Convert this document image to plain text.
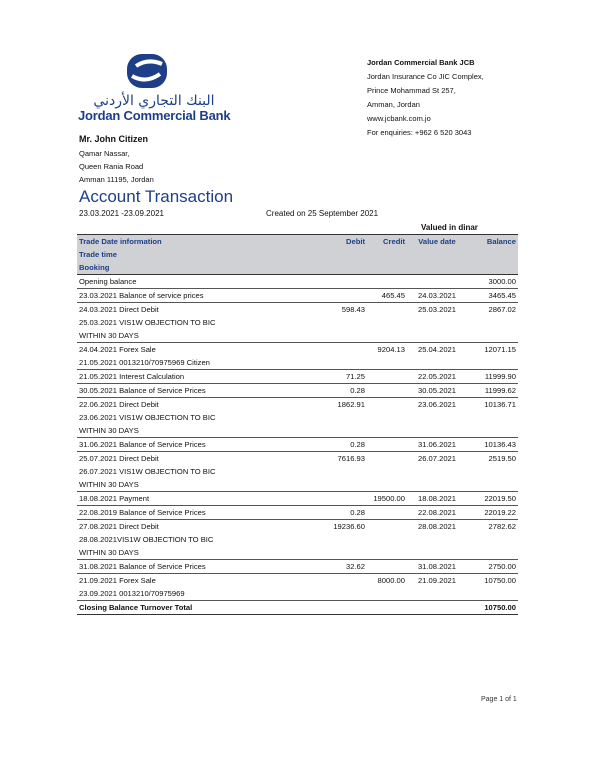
البنك التجاري الأردني
Jordan Commercial Bank
Jordan Commercial Bank JCB
Jordan Insurance Co JIC Complex,
Prince Mohammad St 257,
Amman, Jordan
www.jcbank.com.jo
For enquiries: +962 6 520 3043
Mr. John Citizen
Qamar Nassar,
Queen Rania Road
Amman 11195, Jordan
Account Transaction
23.03.2021 -23.09.2021	Created on 25 September 2021
Valued in dinar
Trade Date information	Debit	Credit	Value date	Balance
Trade time				
Booking				
Opening balance				3000.00
23.03.2021 Balance of service prices		465.45	24.03.2021	3465.45
24.03.2021 Direct Debit	598.43		25.03.2021	2867.02
25.03.2021 VIS1W OBJECTION TO BIC				
WITHIN 30 DAYS				
24.04.2021 Forex Sale		9204.13	25.04.2021	12071.15
21.05.2021 0013210/70975969 Citizen				
21.05.2021 Interest Calculation	71.25		22.05.2021	11999.90
30.05.2021 Balance of Service Prices	0.28		30.05.2021	11999.62
22.06.2021 Direct Debit	1862.91		23.06.2021	10136.71
23.06.2021 VIS1W OBJECTION TO BIC				
WITHIN 30 DAYS				
31.06.2021 Balance of Service Prices	0.28		31.06.2021	10136.43
25.07.2021 Direct Debit	7616.93		26.07.2021	2519.50
26.07.2021 VIS1W OBJECTION TO BIC				
WITHIN 30 DAYS				
18.08.2021 Payment		19500.00	18.08.2021	22019.50
22.08.2019 Balance of Service Prices	0.28		22.08.2021	22019.22
27.08.2021 Direct Debit	19236.60		28.08.2021	2782.62
28.08.2021VIS1W OBJECTION TO BIC				
WITHIN 30 DAYS				
31.08.2021 Balance of Service Prices	32.62		31.08.2021	2750.00
21.09.2021 Forex Sale		8000.00	21.09.2021	10750.00
23.09.2021 0013210/70975969				
Closing Balance Turnover Total				10750.00
Page 1 of 1
